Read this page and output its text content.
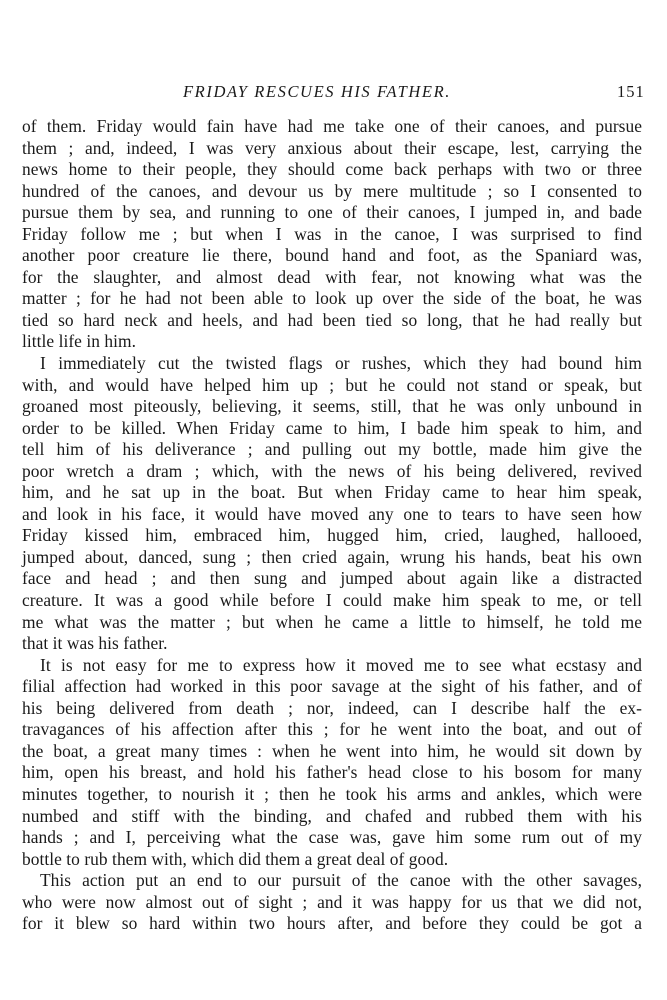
FRIDAY RESCUES HIS FATHER.	151
of them. Friday would fain have had me take one of their canoes, and pursue
them ; and, indeed, I was very anxious about their escape, lest, carrying the
news home to their people, they should come back perhaps with two or three
hundred of the canoes, and devour us by mere multitude ; so I consented to
pursue them by sea, and running to one of their canoes, I jumped in, and bade
Friday follow me ; but when I was in the canoe, I was surprised to find
another poor creature lie there, bound hand and foot, as the Spaniard was,
for the slaughter, and almost dead with fear, not knowing what was the
matter ; for he had not been able to look up over the side of the boat, he was
tied so hard neck and heels, and had been tied so long, that he had really but
little life in him.
I immediately cut the twisted flags or rushes, which they had bound him
with, and would have helped him up ; but he could not stand or speak, but
groaned most piteously, believing, it seems, still, that he was only unbound in
order to be killed. When Friday came to him, I bade him speak to him, and
tell him of his deliverance ; and pulling out my bottle, made him give the
poor wretch a dram ; which, with the news of his being delivered, revived
him, and he sat up in the boat. But when Friday came to hear him speak,
and look in his face, it would have moved any one to tears to have seen how
Friday kissed him, embraced him, hugged him, cried, laughed, hallooed,
jumped about, danced, sung ; then cried again, wrung his hands, beat his own
face and head ; and then sung and jumped about again like a distracted
creature. It was a good while before I could make him speak to me, or tell
me what was the matter ; but when he came a little to himself, he told me
that it was his father.
It is not easy for me to express how it moved me to see what ecstasy and
filial affection had worked in this poor savage at the sight of his father, and of
his being delivered from death ; nor, indeed, can I describe half the ex-
travagances of his affection after this ; for he went into the boat, and out of
the boat, a great many times : when he went into him, he would sit down by
him, open his breast, and hold his father's head close to his bosom for many
minutes together, to nourish it ; then he took his arms and ankles, which were
numbed and stiff with the binding, and chafed and rubbed them with his
hands ; and I, perceiving what the case was, gave him some rum out of my
bottle to rub them with, which did them a great deal of good.
This action put an end to our pursuit of the canoe with the other savages,
who were now almost out of sight ; and it was happy for us that we did not,
for it blew so hard within two hours after, and before they could be got a
